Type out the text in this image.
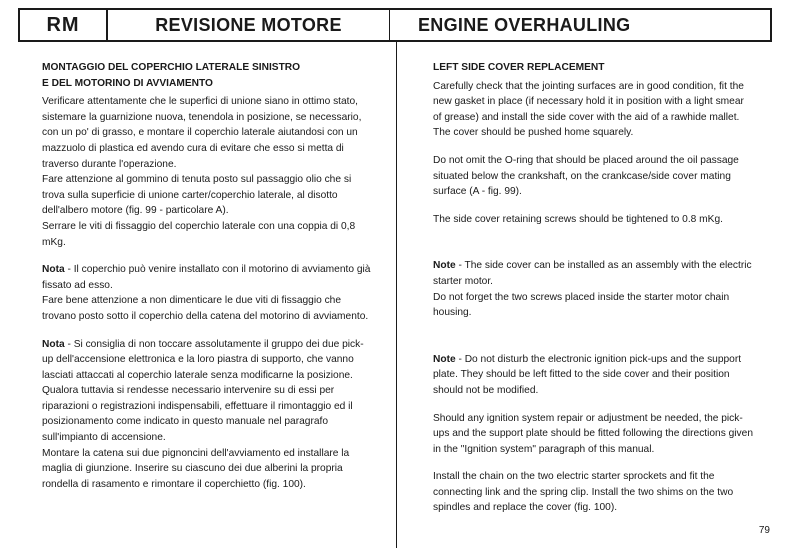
RM	REVISIONE MOTORE	ENGINE OVERHAULING
MONTAGGIO DEL COPERCHIO LATERALE SINISTRO
E DEL MOTORINO DI AVVIAMENTO

Verificare attentamente che le superfici di unione siano in ottimo stato, sistemare la guarnizione nuova, tenendola in posizione, se necessario, con un po' di grasso, e montare il coperchio laterale aiutandosi con un mazzuolo di plastica ed avendo cura di evitare che esso si metta di traverso durante l'operazione.

Fare attenzione al gommino di tenuta posto sul passaggio olio che si trova sulla superficie di unione carter/coperchio laterale, al disotto dell'albero motore (fig. 99 - particolare A).

Serrare le viti di fissaggio del coperchio laterale con una coppia di 0,8 mKg.

Nota - Il coperchio può venire installato con il motorino di avviamento già fissato ad esso.

Fare bene attenzione a non dimenticare le due viti di fissaggio che trovano posto sotto il coperchio della catena del motorino di avviamento.

Nota - Si consiglia di non toccare assolutamente il gruppo dei due pick-up dell'accensione elettronica e la loro piastra di supporto, che vanno lasciati attaccati al coperchio laterale senza modificarne la posizione.

Qualora tuttavia si rendesse necessario intervenire su di essi per riparazioni o registrazioni indispensabili, effettuare il rimontaggio ed il posizionamento come indicato in questo manuale nel paragrafo sull'impianto di accensione.

Montare la catena sui due pignoncini dell'avviamento ed installare la maglia di giunzione. Inserire su ciascuno dei due alberini la propria rondella di rasamento e rimontare il coperchietto (fig. 100).

LEFT SIDE COVER REPLACEMENT

Carefully check that the jointing surfaces are in good condition, fit the new gasket in place (if necessary hold it in position with a light smear of grease) and install the side cover with the aid of a rawhide mallet. The cover should be pushed home squarely.

Do not omit the O-ring that should be placed around the oil passage situated below the crankshaft, on the crankcase/side cover mating surface (A - fig. 99).

The side cover retaining screws should be tightened to 0.8 mKg.

Note - The side cover can be installed as an assembly with the electric starter motor.

Do not forget the two screws placed inside the starter motor chain housing.

Note - Do not disturb the electronic ignition pick-ups and the support plate. They should be left fitted to the side cover and their position should not be modified.

Should any ignition system repair or adjustment be needed, the pick-ups and the support plate should be fitted following the directions given in the "Ignition system" paragraph of this manual.

Install the chain on the two electric starter sprockets and fit the connecting link and the spring clip. Install the two shims on the two spindles and replace the cover (fig. 100).

79
